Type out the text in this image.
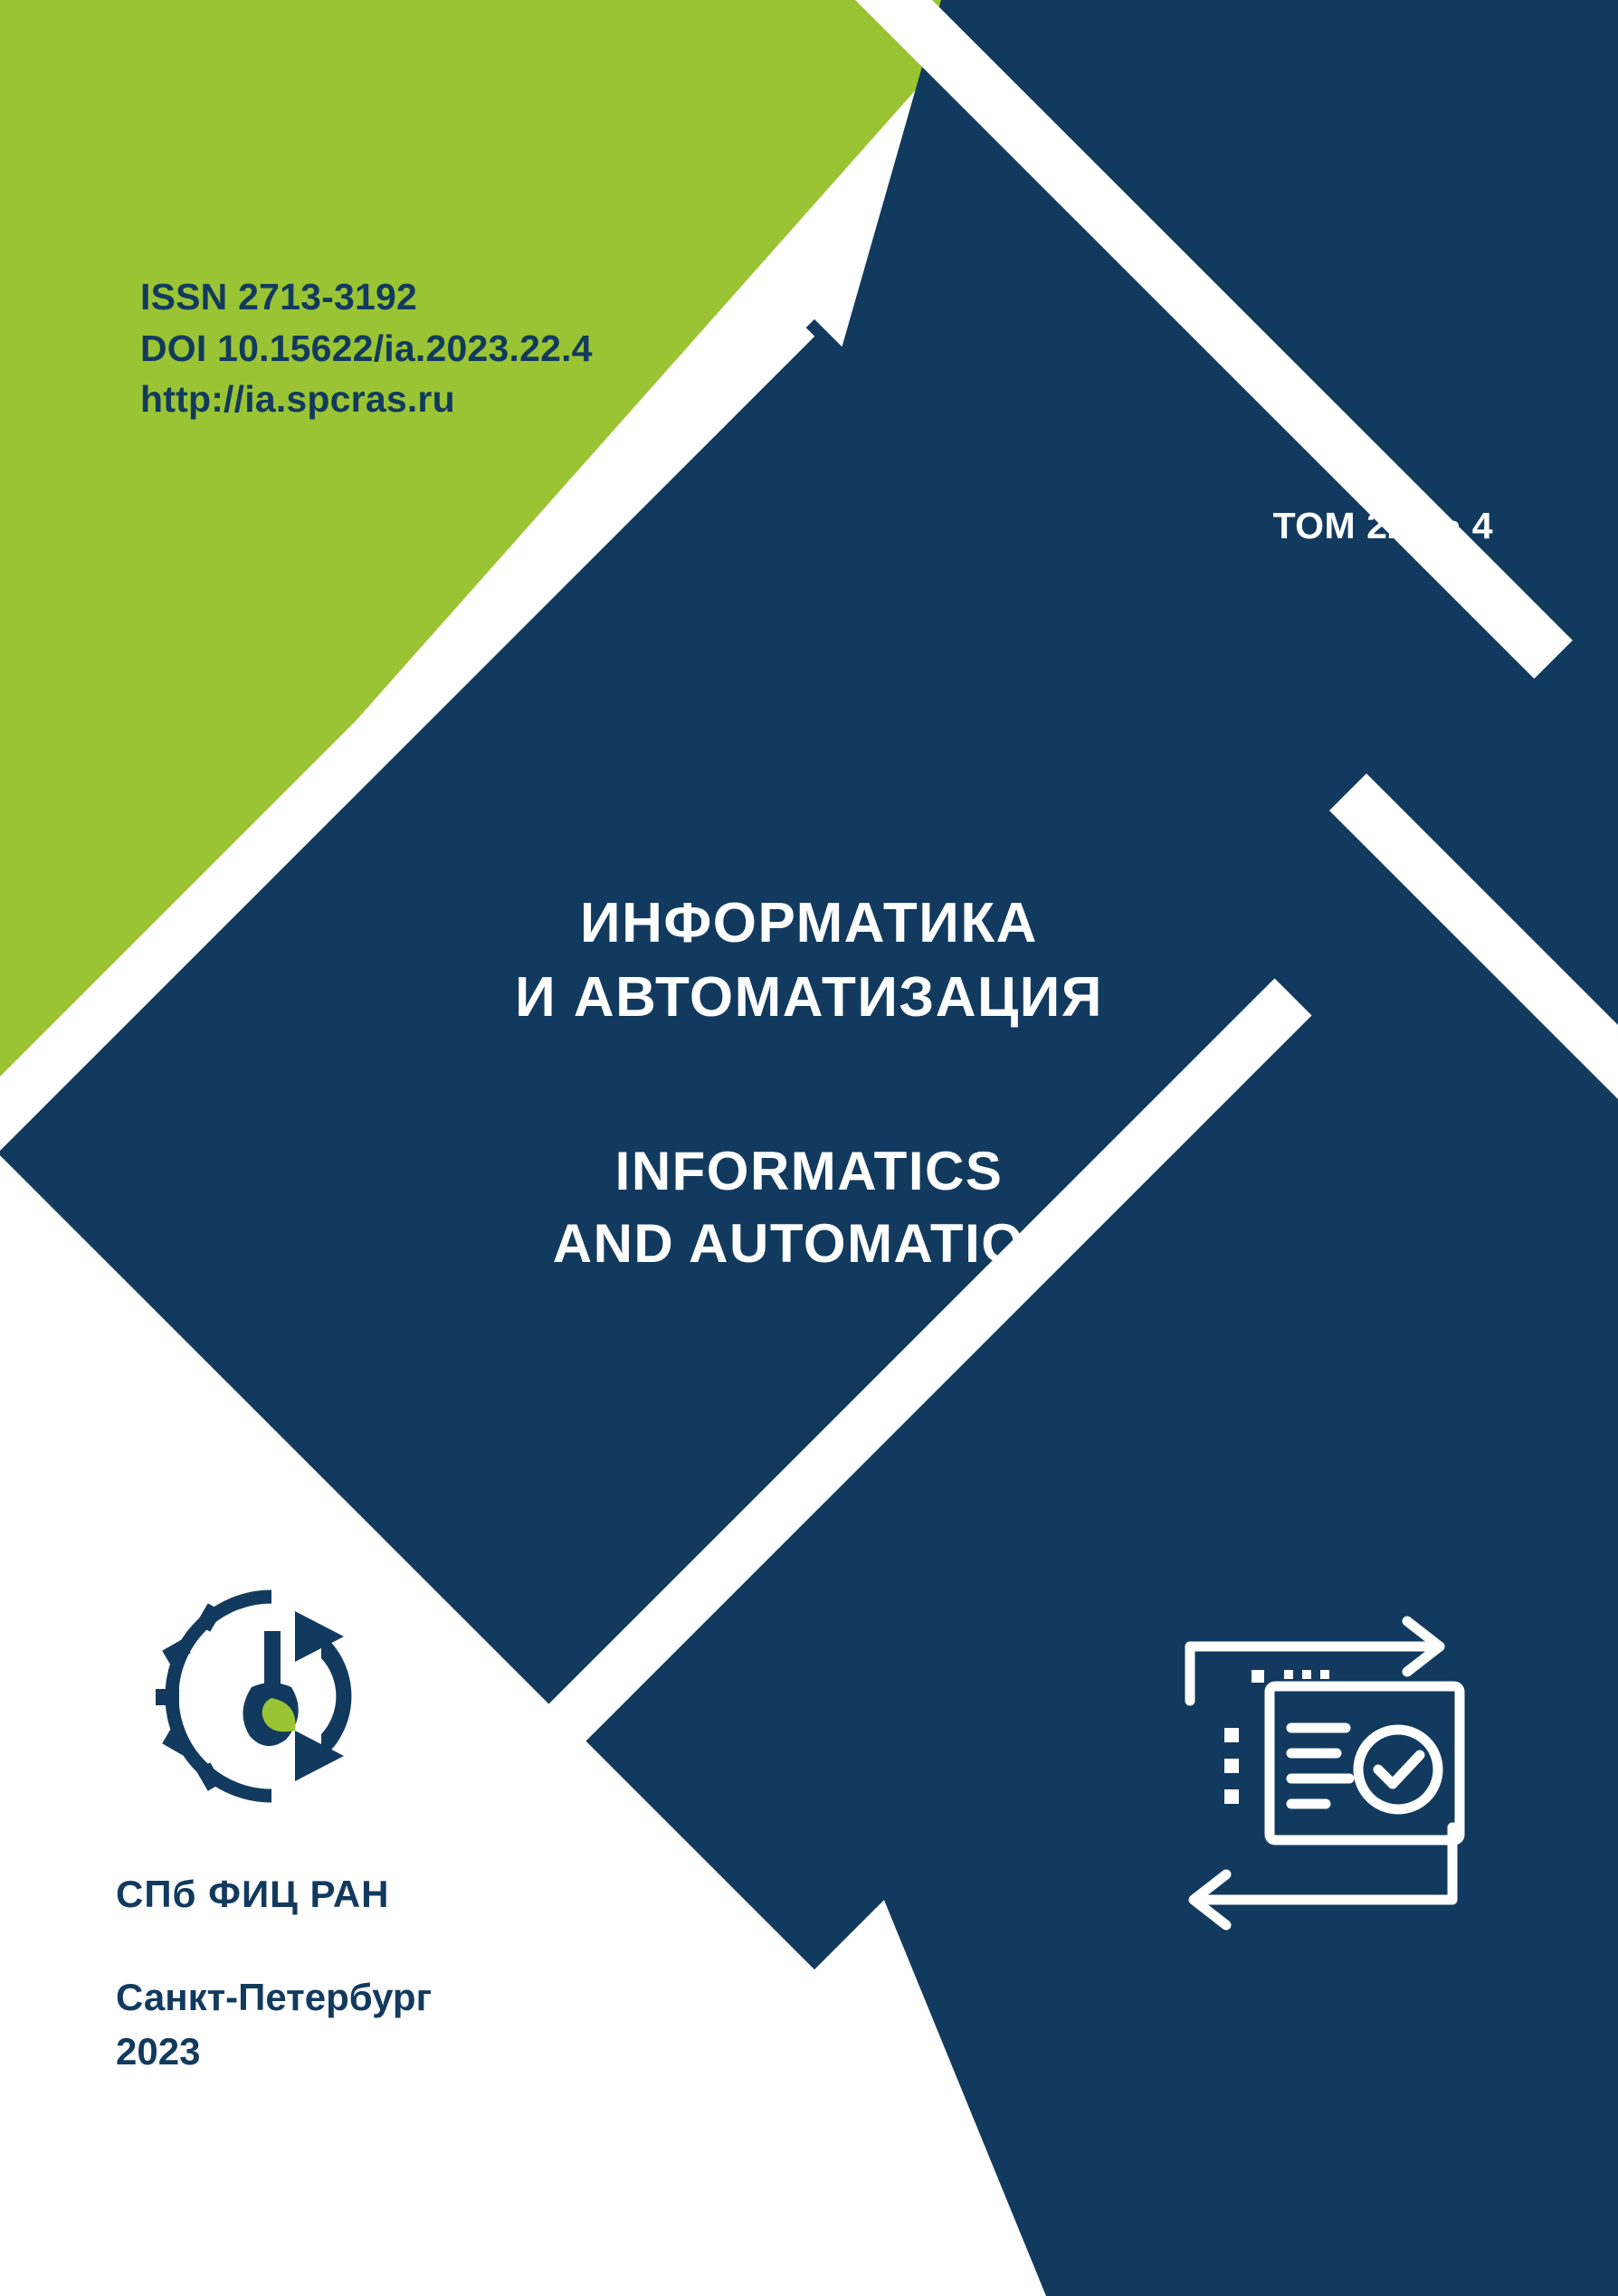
ISSN 2713-3192
DOI 10.15622/ia.2023.22.4
http://ia.spcras.ru
ТОМ 22 № 4
ИНФОРМАТИКА
И АВТОМАТИЗАЦИЯ
INFORMATICS
AND AUTOMATION
СПб ФИЦ РАН
Санкт-Петербург
2023
